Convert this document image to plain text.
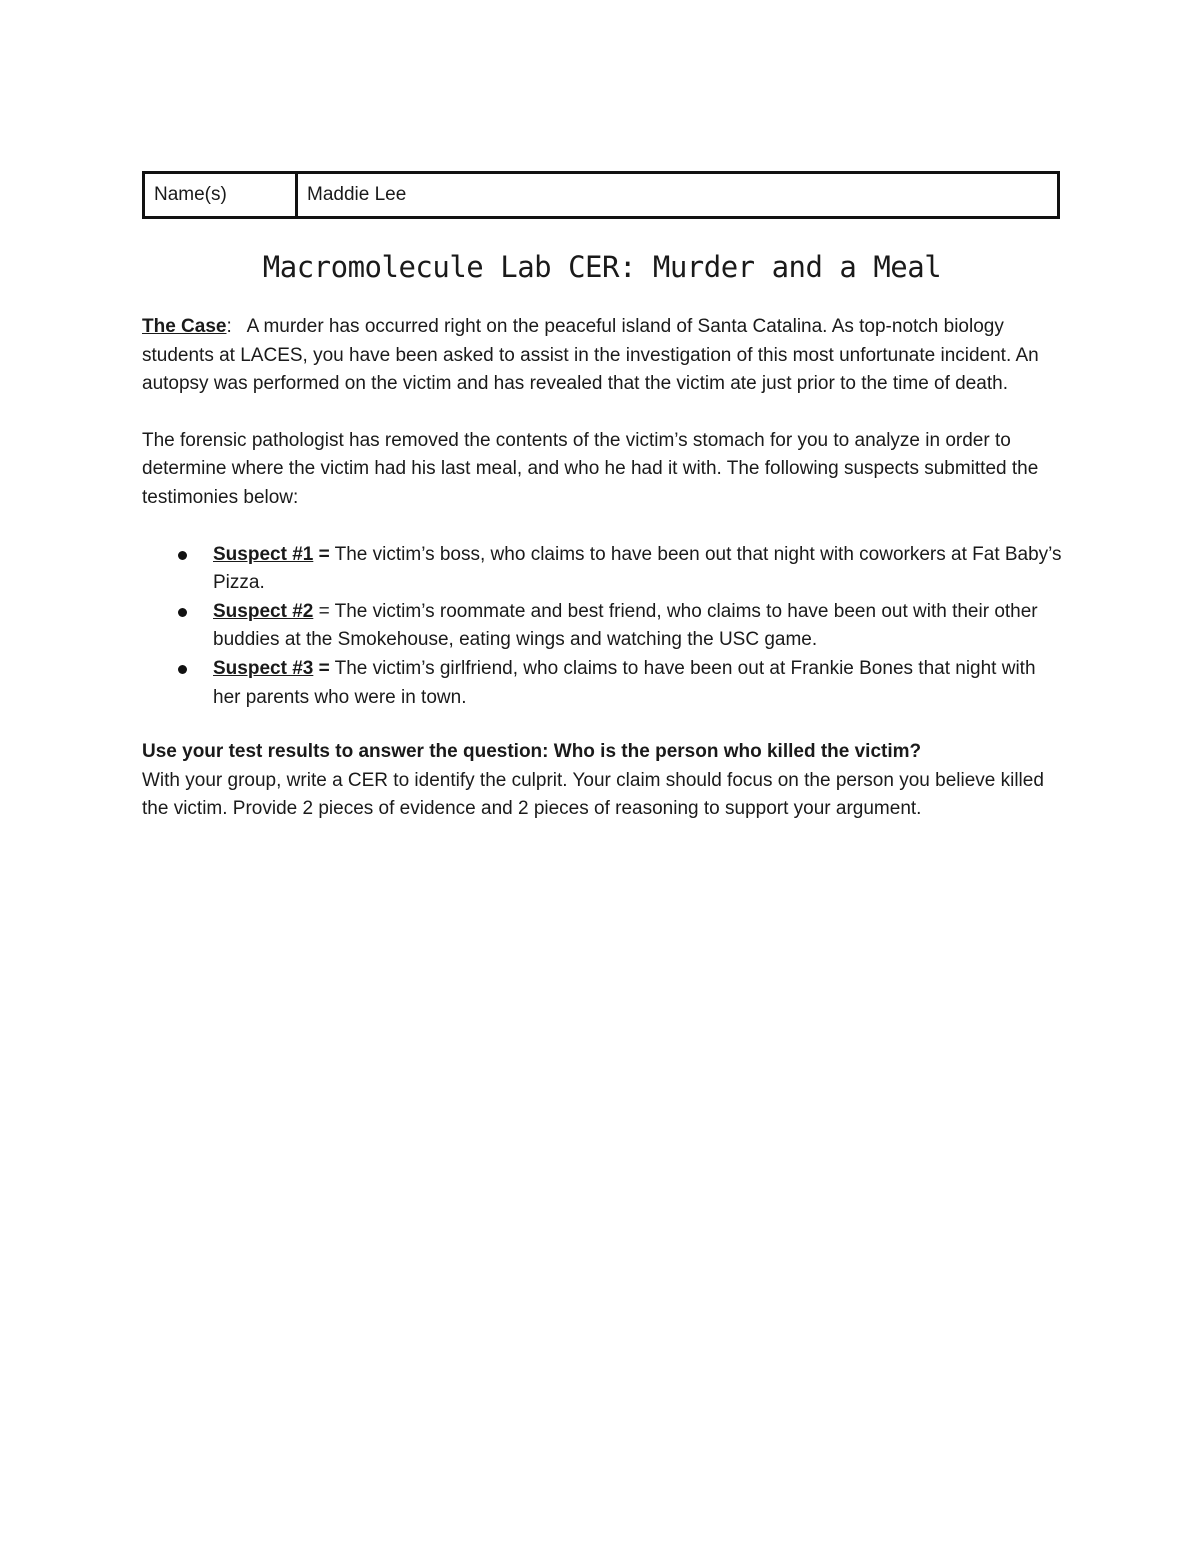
Name(s)	Maddie Lee
Macromolecule Lab CER: Murder and a Meal

The Case: A murder has occurred right on the peaceful island of Santa Catalina. As top-notch biology students at LACES, you have been asked to assist in the investigation of this most unfortunate incident. An autopsy was performed on the victim and has revealed that the victim ate just prior to the time of death.

The forensic pathologist has removed the contents of the victim’s stomach for you to analyze in order to determine where the victim had his last meal, and who he had it with. The following suspects submitted the testimonies below:

Suspect #1 = The victim’s boss, who claims to have been out that night with coworkers at Fat Baby’s Pizza.
Suspect #2 = The victim’s roommate and best friend, who claims to have been out with their other buddies at the Smokehouse, eating wings and watching the USC game.
Suspect #3 = The victim’s girlfriend, who claims to have been out at Frankie Bones that night with her parents who were in town.

Use your test results to answer the question: Who is the person who killed the victim?

With your group, write a CER to identify the culprit. Your claim should focus on the person you believe killed the victim. Provide 2 pieces of evidence and 2 pieces of reasoning to support your argument.
